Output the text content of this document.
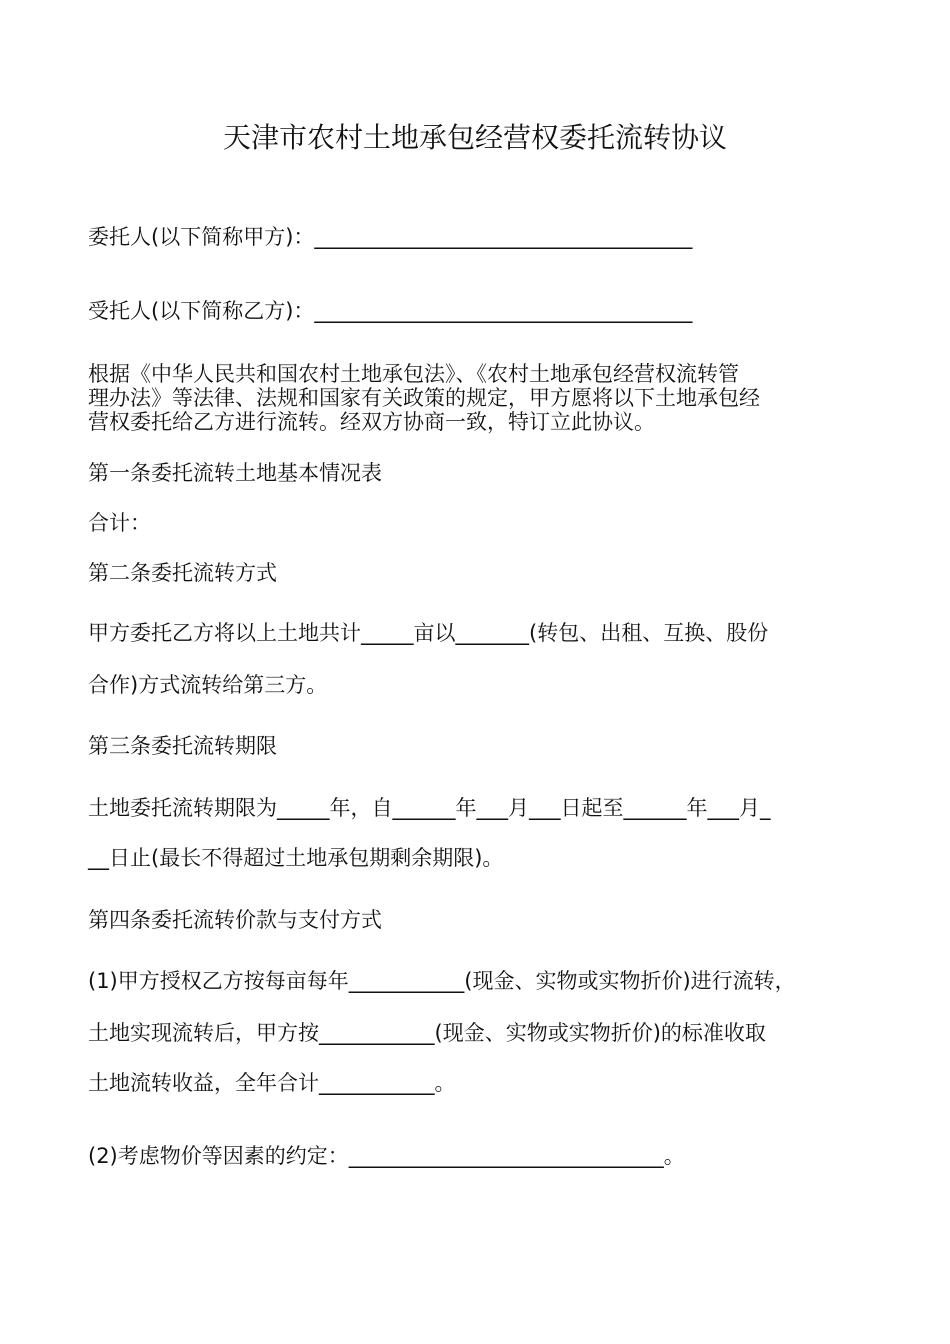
天津市农村土地承包经营权委托流转协议

委托人(以下简称甲方)：____________________________________

受托人(以下简称乙方)：____________________________________

根据《中华人民共和国农村土地承包法》、《农村土地承包经营权流转管

理办法》等法律、法规和国家有关政策的规定，甲方愿将以下土地承包经

营权委托给乙方进行流转。经双方协商一致，特订立此协议。

第一条委托流转土地基本情况表

合计：

第二条委托流转方式

甲方委托乙方将以上土地共计_____亩以_______(转包、出租、互换、股份

合作)方式流转给第三方。

第三条委托流转期限

土地委托流转期限为_____年，自______年___月___日起至______年___月_

__日止(最长不得超过土地承包期剩余期限)。

第四条委托流转价款与支付方式

(1)甲方授权乙方按每亩每年___________(现金、实物或实物折价)进行流转，

土地实现流转后，甲方按___________(现金、实物或实物折价)的标准收取

土地流转收益，全年合计___________。

(2)考虑物价等因素的约定：______________________________。
